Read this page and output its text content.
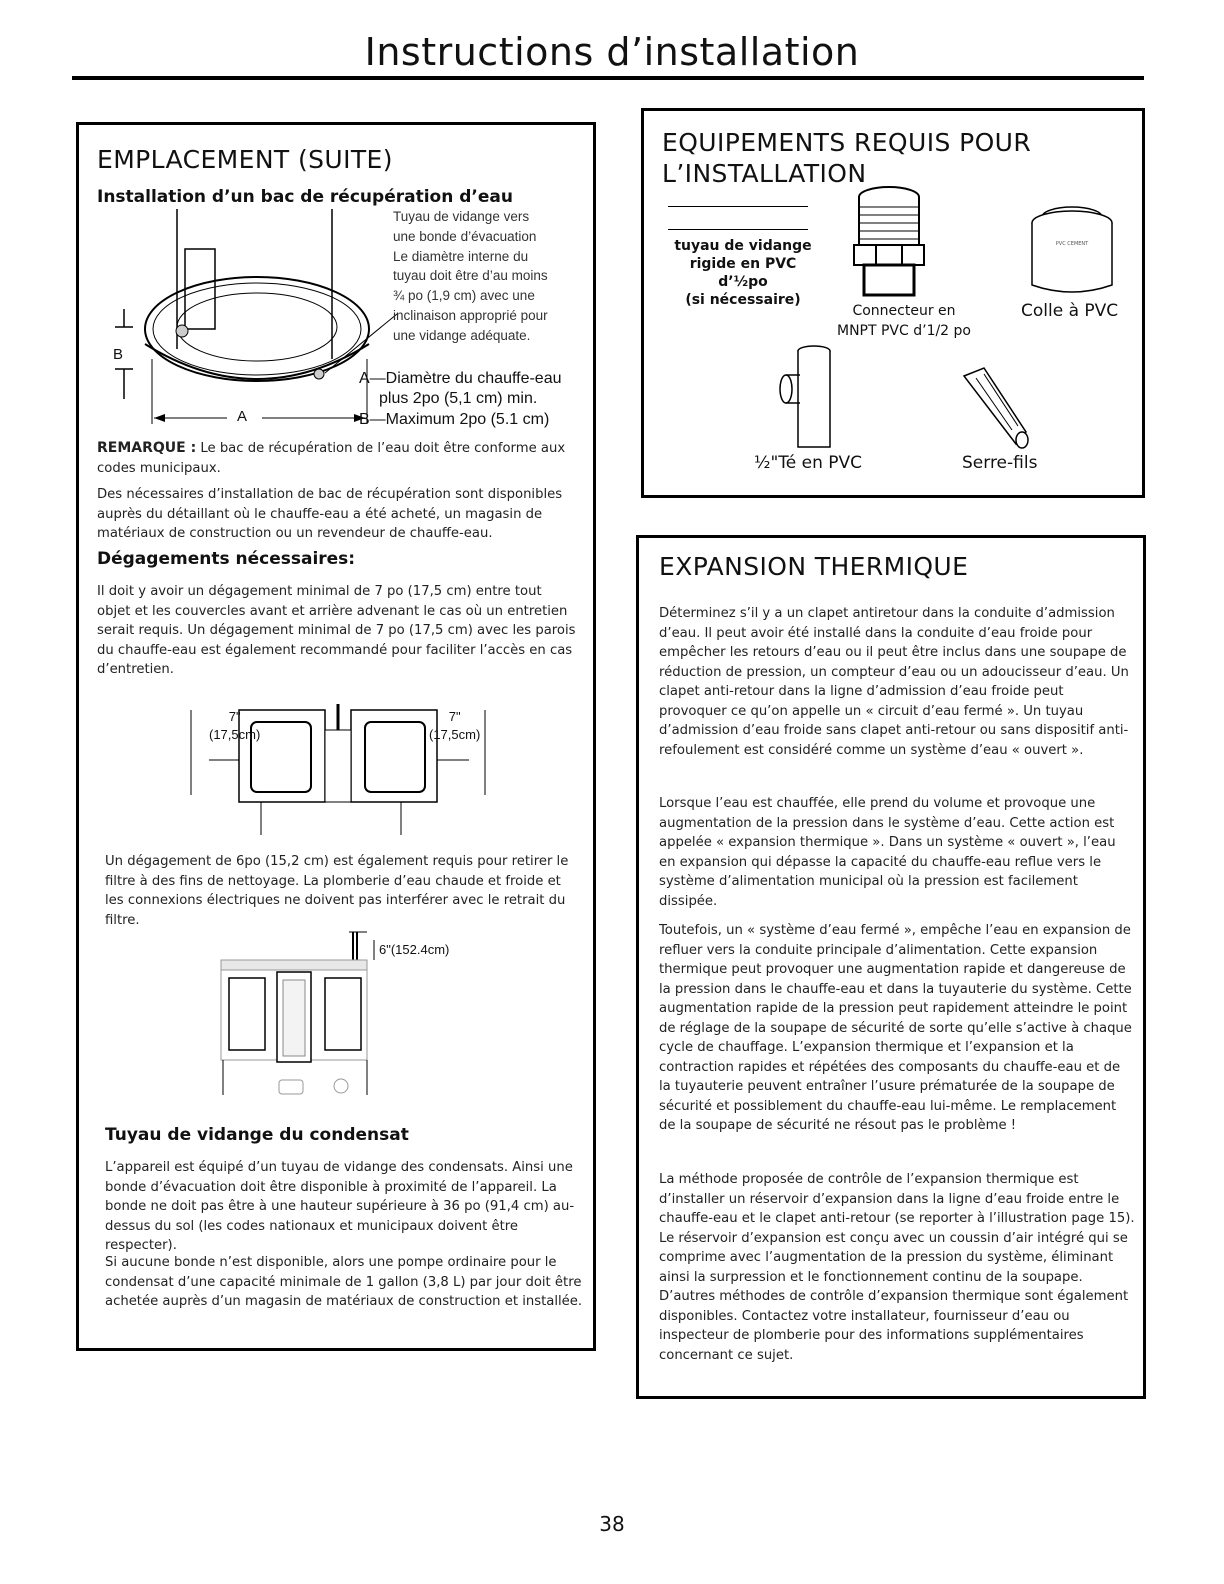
Instructions d’installation
EMPLACEMENT (SUITE)
Installation d’un bac de récupération d’eau
B
A
Tuyau de vidange vers
une bonde d’évacuation
Le diamètre interne du
tuyau doit être d’au moins
¾ po (1,9 cm) avec une
inclinaison approprié pour
une vidange adéquate.
A—Diamètre du chauffe-eau
plus 2po (5,1 cm) min.
B—Maximum 2po (5.1 cm)

REMARQUE : Le bac de récupération de l’eau doit être conforme aux codes municipaux.

Des nécessaires d’installation de bac de récupération sont disponibles auprès du détaillant où le chauffe-eau a été acheté, un magasin de matériaux de construction ou un revendeur de chauffe-eau.

Dégagements nécessaires:

Il doit y avoir un dégagement minimal de 7 po (17,5 cm) entre tout objet et les couvercles avant et arrière advenant le cas où un entretien serait requis. Un dégagement minimal de 7 po (17,5 cm) avec les parois du chauffe-eau est également recommandé pour faciliter l’accès en cas d’entretien.

7"
(17,5cm)
7"
(17,5cm)

Un dégagement de 6po (15,2 cm) est également requis pour retirer le filtre à des fins de nettoyage. La plomberie d’eau chaude et froide et les connexions électriques ne doivent pas interférer avec le retrait du filtre.

6"(152.4cm)
Tuyau de vidange du condensat

L’appareil est équipé d’un tuyau de vidange des condensats. Ainsi une bonde d’évacuation doit être disponible à proximité de l’appareil. La bonde ne doit pas être à une hauteur supérieure à 36 po (91,4 cm) au-dessus du sol (les codes nationaux et municipaux doivent être respecter).

Si aucune bonde n’est disponible, alors une pompe ordinaire pour le condensat d’une capacité minimale de 1 gallon (3,8 L) par jour doit être achetée auprès d’un magasin de matériaux de construction et installée.

EQUIPEMENTS REQUIS POUR
L’INSTALLATION
tuyau de vidange
rigide en PVC
d’½po
(si nécessaire)
Connecteur en
MNPT PVC d’1/2 po
PVC CEMENT
Colle à PVC
½"Té en PVC	Serre-fils
EXPANSION THERMIQUE

Déterminez s’il y a un clapet antiretour dans la conduite d’admission d’eau. Il peut avoir été installé dans la conduite d’eau froide pour empêcher les retours d’eau ou il peut être inclus dans une soupape de réduction de pression, un compteur d’eau ou un adoucisseur d’eau. Un clapet anti-retour dans la ligne d’admission d’eau froide peut provoquer ce qu’on appelle un « circuit d’eau fermé ». Un tuyau d’admission d’eau froide sans clapet anti-retour ou sans dispositif anti-refoulement est considéré comme un système d’eau « ouvert ».

Lorsque l’eau est chauffée, elle prend du volume et provoque une augmentation de la pression dans le système d’eau. Cette action est appelée « expansion thermique ». Dans un système « ouvert », l’eau en expansion qui dépasse la capacité du chauffe-eau reflue vers le système d’alimentation municipal où la pression est facilement dissipée.

Toutefois, un « système d’eau fermé », empêche l’eau en expansion de refluer vers la conduite principale d’alimentation. Cette expansion thermique peut provoquer une augmentation rapide et dangereuse de la pression dans le chauffe-eau et dans la tuyauterie du système. Cette augmentation rapide de la pression peut rapidement atteindre le point de réglage de la soupape de sécurité de sorte qu’elle s’active à chaque cycle de chauffage. L’expansion thermique et l’expansion et la contraction rapides et répétées des composants du chauffe-eau et de la tuyauterie peuvent entraîner l’usure prématurée de la soupape de sécurité et possiblement du chauffe-eau lui-même. Le remplacement de la soupape de sécurité ne résout pas le problème !

La méthode proposée de contrôle de l’expansion thermique est d’installer un réservoir d’expansion dans la ligne d’eau froide entre le chauffe-eau et le clapet anti-retour (se reporter à l’illustration page 15). Le réservoir d’expansion est conçu avec un coussin d’air intégré qui se comprime avec l’augmentation de la pression du système, éliminant ainsi la surpression et le fonctionnement continu de la soupape. D’autres méthodes de contrôle d’expansion thermique sont également disponibles. Contactez votre installateur, fournisseur d’eau ou inspecteur de plomberie pour des informations supplémentaires concernant ce sujet.

38
